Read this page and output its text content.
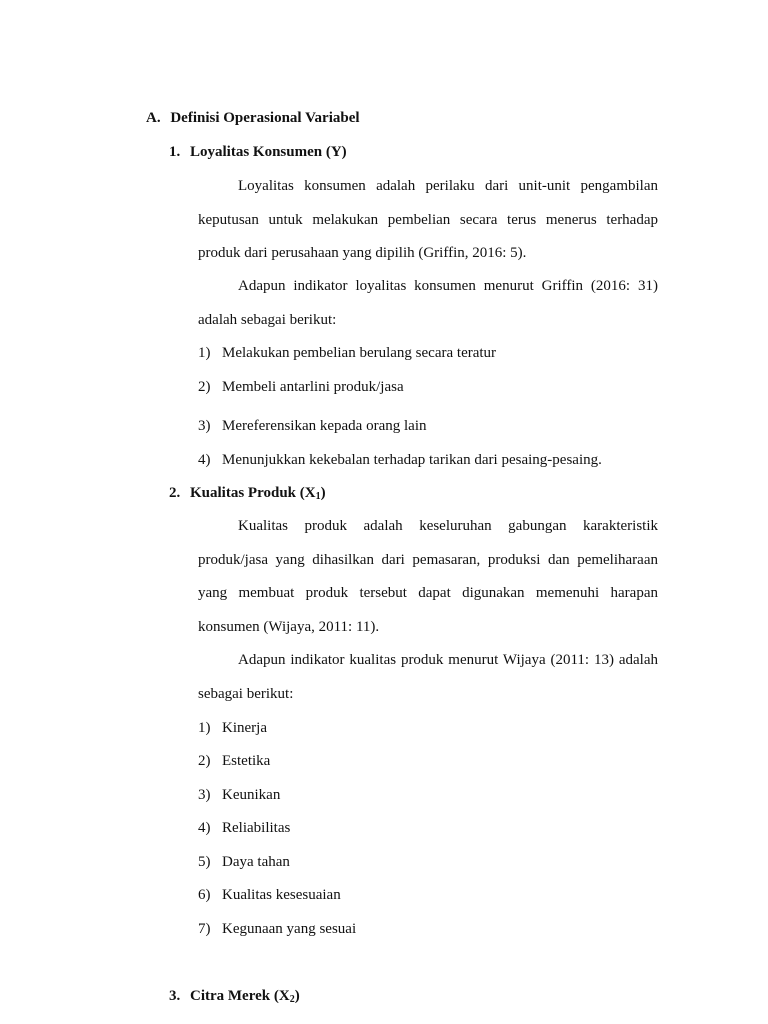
A. Definisi Operasional Variabel
1. Loyalitas Konsumen (Y)

Loyalitas konsumen adalah perilaku dari unit-unit pengambilan keputusan untuk melakukan pembelian secara terus menerus terhadap produk dari perusahaan yang dipilih (Griffin, 2016: 5).

Adapun indikator loyalitas konsumen menurut Griffin (2016: 31) adalah sebagai berikut:

1) Melakukan pembelian berulang secara teratur
2) Membeli antarlini produk/jasa
3) Mereferensikan kepada orang lain
4) Menunjukkan kekebalan terhadap tarikan dari pesaing-pesaing.
2. Kualitas Produk $(X_1)$

Kualitas produk adalah keseluruhan gabungan karakteristik produk/jasa yang dihasilkan dari pemasaran, produksi dan pemeliharaan yang membuat produk tersebut dapat digunakan memenuhi harapan konsumen (Wijaya, 2011: 11).

Adapun indikator kualitas produk menurut Wijaya (2011: 13) adalah sebagai berikut:

1) Kinerja
2) Estetika
3) Keunikan
4) Reliabilitas
5) Daya tahan
6) Kualitas kesesuaian
7) Kegunaan yang sesuai
3. Citra Merek $(X_2)$
